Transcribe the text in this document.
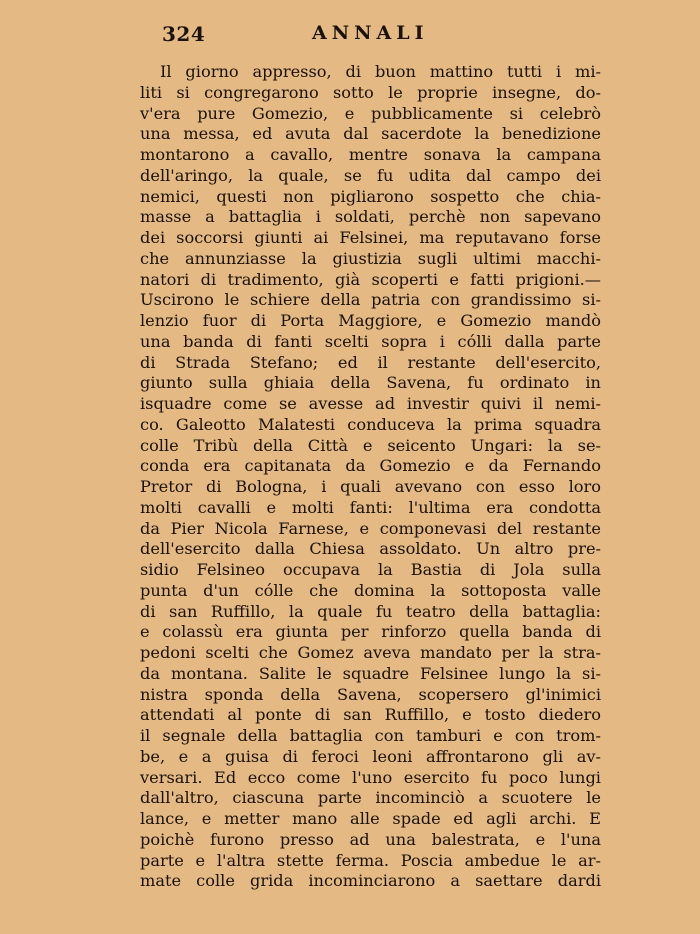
324	ANNALI
Il giorno appresso, di buon mattino tutti i mi-
liti si congregarono sotto le proprie insegne, do-
v'era pure Gomezio, e pubblicamente si celebrò
una messa, ed avuta dal sacerdote la benedizione
montarono a cavallo, mentre sonava la campana
dell'aringo, la quale, se fu udita dal campo dei
nemici, questi non pigliarono sospetto che chia-
masse a battaglia i soldati, perchè non sapevano
dei soccorsi giunti ai Felsinei, ma reputavano forse
che annunziasse la giustizia sugli ultimi macchi-
natori di tradimento, già scoperti e fatti prigioni.—
Uscirono le schiere della patria con grandissimo si-
lenzio fuor di Porta Maggiore, e Gomezio mandò
una banda di fanti scelti sopra i cólli dalla parte
di Strada Stefano; ed il restante dell'esercito,
giunto sulla ghiaia della Savena, fu ordinato in
isquadre come se avesse ad investir quivi il nemi-
co. Galeotto Malatesti conduceva la prima squadra
colle Tribù della Città e seicento Ungari: la se-
conda era capitanata da Gomezio e da Fernando
Pretor di Bologna, i quali avevano con esso loro
molti cavalli e molti fanti: l'ultima era condotta
da Pier Nicola Farnese, e componevasi del restante
dell'esercito dalla Chiesa assoldato. Un altro pre-
sidio Felsineo occupava la Bastia di Jola sulla
punta d'un cólle che domina la sottoposta valle
di san Ruffillo, la quale fu teatro della battaglia:
e colassù era giunta per rinforzo quella banda di
pedoni scelti che Gomez aveva mandato per la stra-
da montana. Salite le squadre Felsinee lungo la si-
nistra sponda della Savena, scopersero gl'inimici
attendati al ponte di san Ruffillo, e tosto diedero
il segnale della battaglia con tamburi e con trom-
be, e a guisa di feroci leoni affrontarono gli av-
versari. Ed ecco come l'uno esercito fu poco lungi
dall'altro, ciascuna parte incominciò a scuotere le
lance, e metter mano alle spade ed agli archi. E
poichè furono presso ad una balestrata, e l'una
parte e l'altra stette ferma. Poscia ambedue le ar-
mate colle grida incominciarono a saettare dardi
